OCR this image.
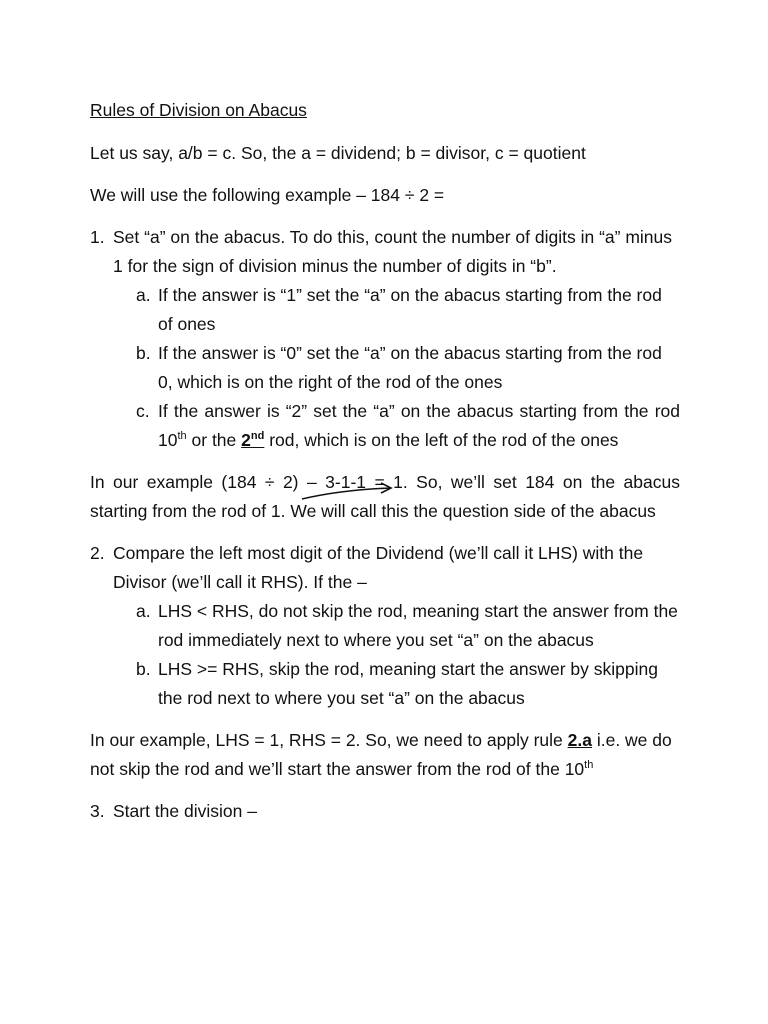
Rules of Division on Abacus

Let us say, a/b = c. So, the a = dividend; b = divisor, c = quotient

We will use the following example – 184 ÷ 2 =

1. Set “a” on the abacus. To do this, count the number of digits in “a” minus 1 for the sign of division minus the number of digits in “b”.
a. If the answer is “1” set the “a” on the abacus starting from the rod of ones
b. If the answer is “0” set the “a” on the abacus starting from the rod 0, which is on the right of the rod of the ones
c. If the answer is “2” set the “a” on the abacus starting from the rod 10th or the 2nd rod, which is on the left of the rod of the ones

In our example (184 ÷ 2) – 3-1-1 = 1. So, we’ll set 184 on the abacus starting from the rod of 1. We will call this the question side of the abacus

2. Compare the left most digit of the Dividend (we’ll call it LHS) with the Divisor (we’ll call it RHS). If the –
a. LHS < RHS, do not skip the rod, meaning start the answer from the rod immediately next to where you set “a” on the abacus
b. LHS >= RHS, skip the rod, meaning start the answer by skipping the rod next to where you set “a” on the abacus

In our example, LHS = 1, RHS = 2. So, we need to apply rule 2.a i.e. we do not skip the rod and we’ll start the answer from the rod of the 10th

3. Start the division –
